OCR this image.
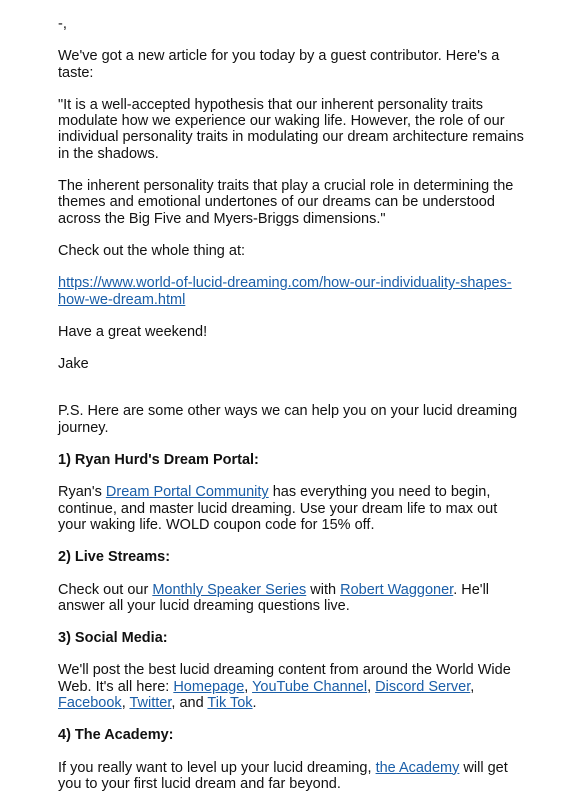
-,

We've got a new article for you today by a guest contributor. Here's a taste:

"It is a well-accepted hypothesis that our inherent personality traits modulate how we experience our waking life. However, the role of our individual personality traits in modulating our dream architecture remains in the shadows.

The inherent personality traits that play a crucial role in determining the themes and emotional undertones of our dreams can be understood across the Big Five and Myers-Briggs dimensions."

Check out the whole thing at:

https://www.world-of-lucid-dreaming.com/how-our-individuality-shapes-how-we-dream.html

Have a great weekend!

Jake

P.S. Here are some other ways we can help you on your lucid dreaming journey.

1) Ryan Hurd's Dream Portal:

Ryan's Dream Portal Community has everything you need to begin, continue, and master lucid dreaming. Use your dream life to max out your waking life. WOLD coupon code for 15% off.

2) Live Streams:

Check out our Monthly Speaker Series with Robert Waggoner. He'll answer all your lucid dreaming questions live.

3) Social Media:

We'll post the best lucid dreaming content from around the World Wide Web. It's all here: Homepage, YouTube Channel, Discord Server, Facebook, Twitter, and Tik Tok.

4) The Academy:

If you really want to level up your lucid dreaming, the Academy will get you to your first lucid dream and far beyond.
